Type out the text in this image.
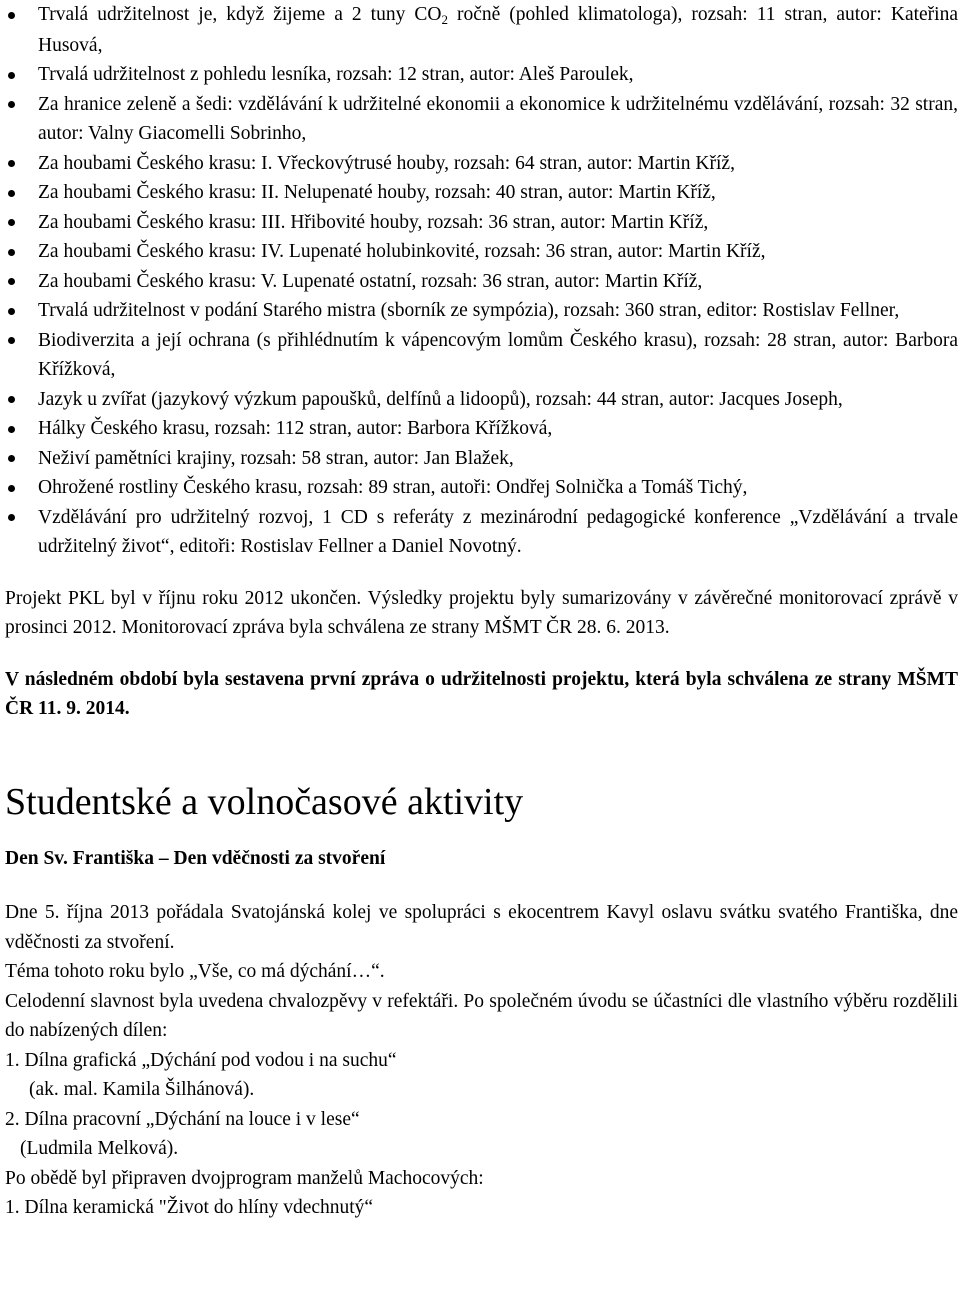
Trvalá udržitelnost je, když žijeme a 2 tuny $CO_2$ ročně (pohled klimatologa), rozsah: 11 stran, autor: Kateřina Husová,
Trvalá udržitelnost z pohledu lesníka, rozsah: 12 stran, autor: Aleš Paroulek,
Za hranice zeleně a šedi: vzdělávání k udržitelné ekonomii a ekonomice k udržitelnému vzdělávání, rozsah: 32 stran, autor: Valny Giacomelli Sobrinho,
Za houbami Českého krasu: I. Vřeckovýtrusé houby, rozsah: 64 stran, autor: Martin Kříž,
Za houbami Českého krasu: II. Nelupenaté houby, rozsah: 40 stran, autor: Martin Kříž,
Za houbami Českého krasu: III. Hřibovité houby, rozsah: 36 stran, autor: Martin Kříž,
Za houbami Českého krasu: IV. Lupenaté holubinkovité, rozsah: 36 stran, autor: Martin Kříž,
Za houbami Českého krasu: V. Lupenaté ostatní, rozsah: 36 stran, autor: Martin Kříž,
Trvalá udržitelnost v podání Starého mistra (sborník ze sympózia), rozsah: 360 stran, editor: Rostislav Fellner,
Biodiverzita a její ochrana (s přihlédnutím k vápencovým lomům Českého krasu), rozsah: 28 stran, autor: Barbora Křížková,
Jazyk u zvířat (jazykový výzkum papoušků, delfínů a lidoopů), rozsah: 44 stran, autor: Jacques Joseph,
Hálky Českého krasu, rozsah: 112 stran, autor: Barbora Křížková,
Neživí pamětníci krajiny, rozsah: 58 stran, autor: Jan Blažek,
Ohrožené rostliny Českého krasu, rozsah: 89 stran, autoři: Ondřej Solnička a Tomáš Tichý,
Vzdělávání pro udržitelný rozvoj, 1 CD s referáty z mezinárodní pedagogické konference „Vzdělávání a trvale udržitelný život“, editoři: Rostislav Fellner a Daniel Novotný.

Projekt PKL byl v říjnu roku 2012 ukončen. Výsledky projektu byly sumarizovány v závěrečné monitorovací zprávě v prosinci 2012. Monitorovací zpráva byla schválena ze strany MŠMT ČR 28. 6. 2013.

V následném období byla sestavena první zpráva o udržitelnosti projektu, která byla schválena ze strany MŠMT ČR 11. 9. 2014.

Studentské a volnočasové aktivity

Den Sv. Františka – Den vděčnosti za stvoření

Dne 5. října 2013 pořádala Svatojánská kolej ve spolupráci s ekocentrem Kavyl oslavu svátku svatého Františka, dne vděčnosti za stvoření.

Téma tohoto roku bylo „Vše, co má dýchání…“.

Celodenní slavnost byla uvedena chvalozpěvy v refektáři. Po společném úvodu se účastníci dle vlastního výběru rozdělili do nabízených dílen:

1. Dílna grafická „Dýchání pod vodou i na suchu“

(ak. mal. Kamila Šilhánová).

2. Dílna pracovní „Dýchání na louce i v lese“

(Ludmila Melková).

Po obědě byl připraven dvojprogram manželů Machocových:

1. Dílna keramická "Život do hlíny vdechnutý“
